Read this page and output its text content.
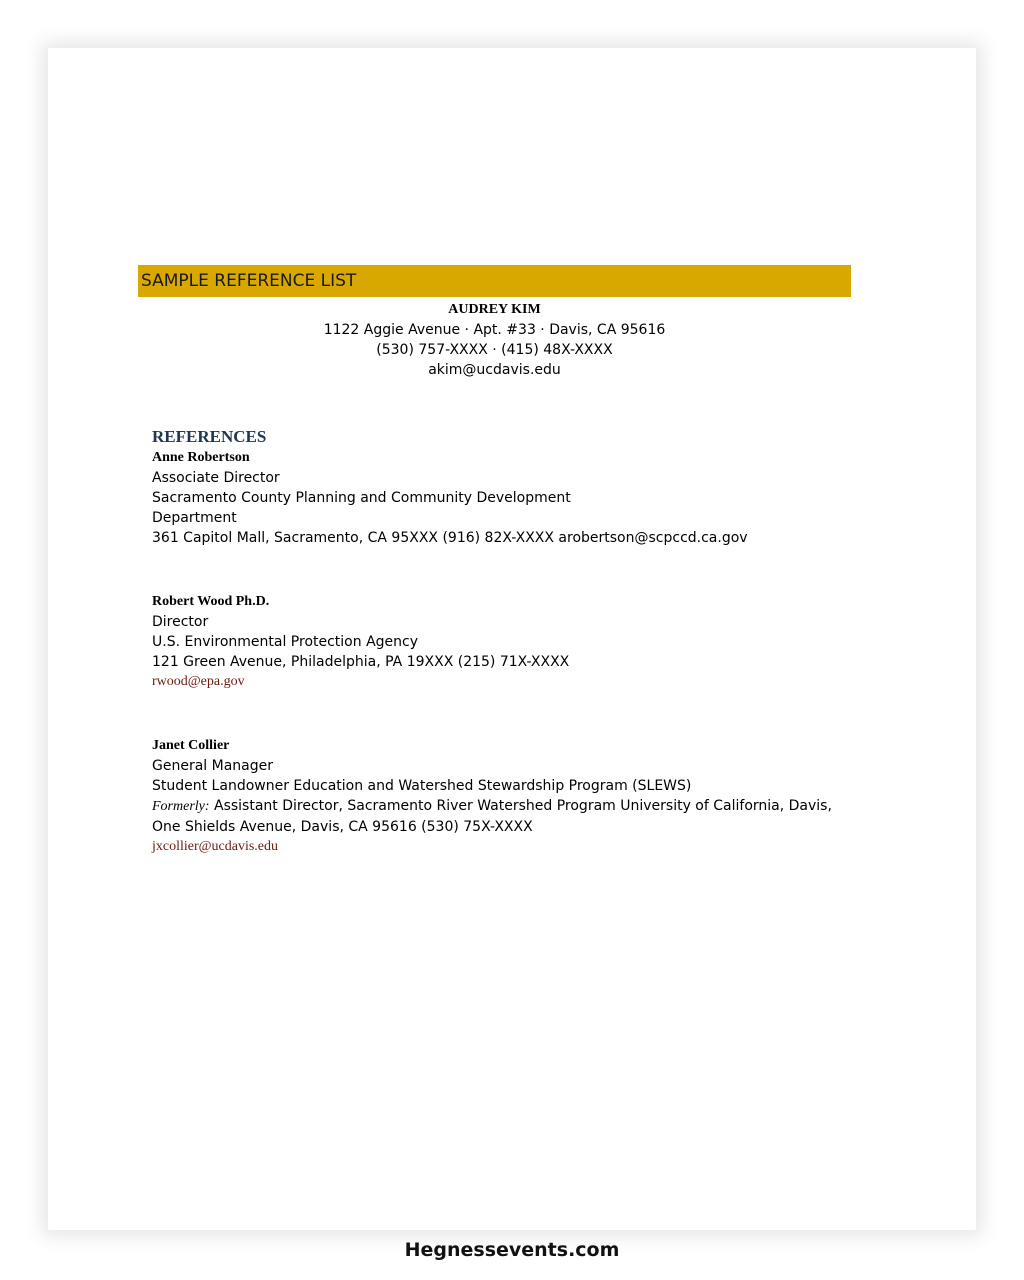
SAMPLE REFERENCE LIST
AUDREY KIM
1122 Aggie Avenue · Apt. #33 · Davis, CA 95616
(530) 757-XXXX · (415) 48X-XXXX
akim@ucdavis.edu
REFERENCES
Anne Robertson
Associate Director
Sacramento County Planning and Community Development
Department
361 Capitol Mall, Sacramento, CA 95XXX (916) 82X-XXXX arobertson@scpccd.ca.gov
Robert Wood Ph.D.
Director
U.S. Environmental Protection Agency
121 Green Avenue, Philadelphia, PA 19XXX (215) 71X-XXXX
rwood@epa.gov
Janet Collier
General Manager
Student Landowner Education and Watershed Stewardship Program (SLEWS)
Formerly: Assistant Director, Sacramento River Watershed Program University of California, Davis,
One Shields Avenue, Davis, CA 95616 (530) 75X-XXXX
jxcollier@ucdavis.edu
Hegnessevents.com
